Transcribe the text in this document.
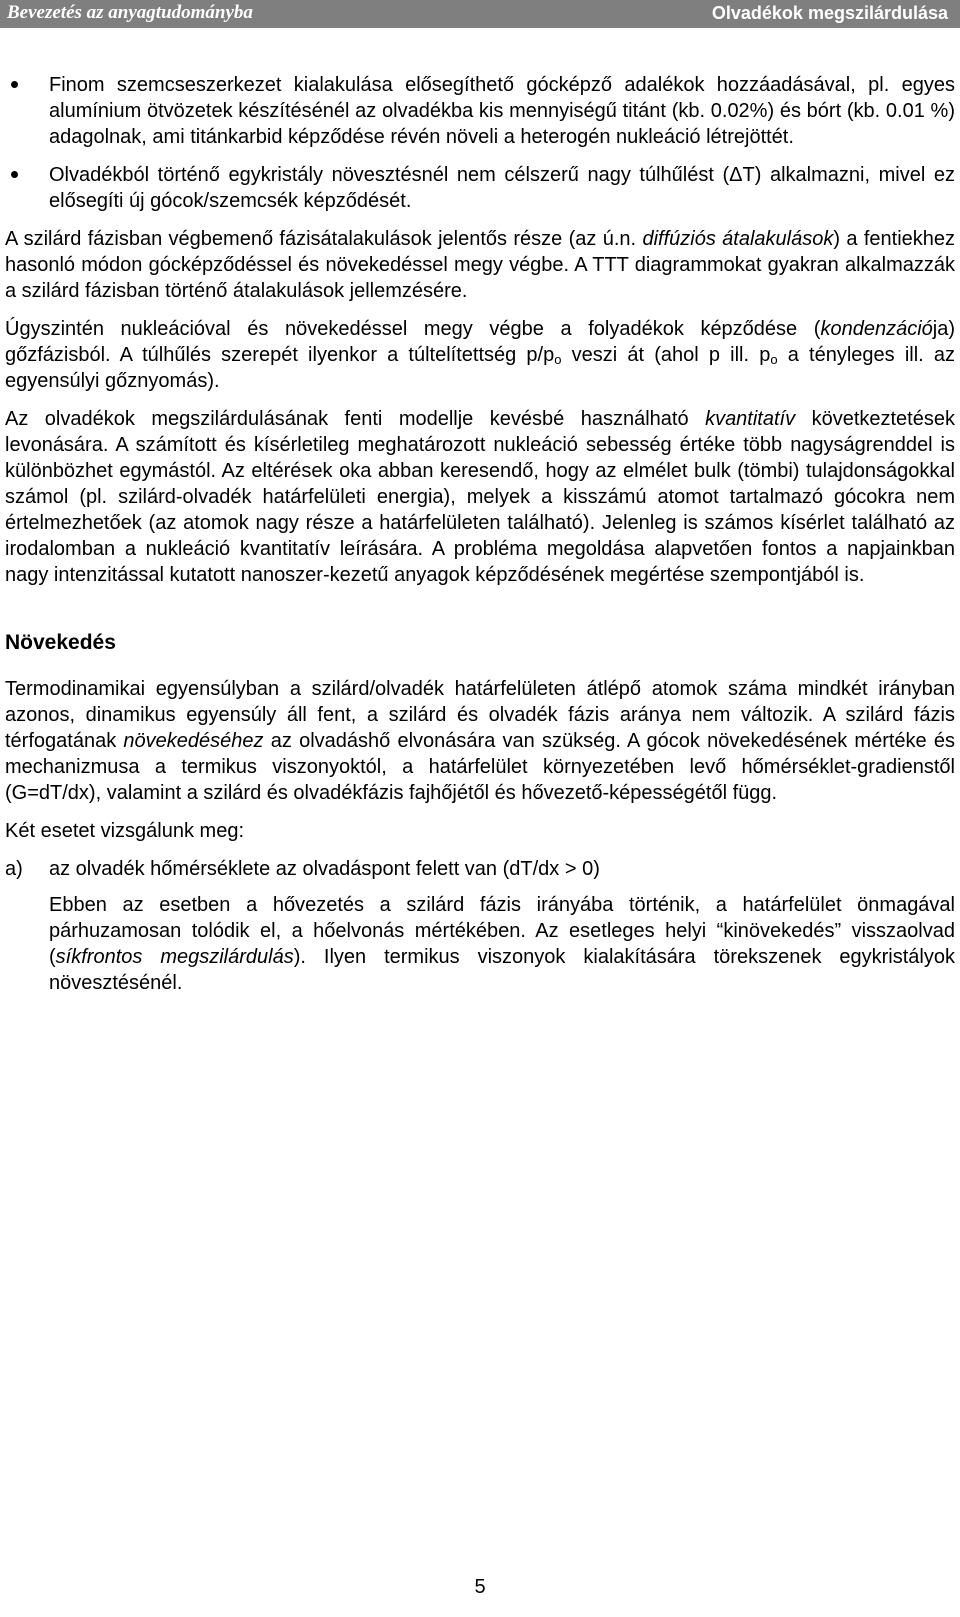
Bevezetés az anyagtudományba	Olvadékok megszilárdulása
Finom szemcseszerkezet kialakulása elősegíthető gócképző adalékok hozzáadásával, pl. egyes alumínium ötvözetek készítésénél az olvadékba kis mennyiségű titánt (kb. 0.02%) és bórt (kb. 0.01 %) adagolnak, ami titánkarbid képződése révén növeli a heterogén nukleáció létrejöttét.
Olvadékból történő egykristály növesztésnél nem célszerű nagy túlhűlést (ΔT) alkalmazni, mivel ez elősegíti új gócok/szemcsék képződését.

A szilárd fázisban végbemenő fázisátalakulások jelentős része (az ú.n. diffúziós átalakulások) a fentiekhez hasonló módon gócképződéssel és növekedéssel megy végbe. A TTT diagrammokat gyakran alkalmazzák a szilárd fázisban történő átalakulások jellemzésére.

Úgyszintén nukleációval és növekedéssel megy végbe a folyadékok képződése (kondenzációja) gőzfázisból. A túlhűlés szerepét ilyenkor a túltelítettség $p/p_o$ veszi át (ahol p ill. $p_o$ a tényleges ill. az egyensúlyi gőznyomás).

Az olvadékok megszilárdulásának fenti modellje kevésbé használható kvantitatív következtetések levonására. A számított és kísérletileg meghatározott nukleáció sebesség értéke több nagyságrenddel is különbözhet egymástól. Az eltérések oka abban keresendő, hogy az elmélet bulk (tömbi) tulajdonságokkal számol (pl. szilárd-olvadék határfelületi energia), melyek a kisszámú atomot tartalmazó gócokra nem értelmezhetőek (az atomok nagy része a határfelületen található). Jelenleg is számos kísérlet található az irodalomban a nukleáció kvantitatív leírására. A probléma megoldása alapvetően fontos a napjainkban nagy intenzitással kutatott nanoszer-kezetű anyagok képződésének megértése szempontjából is.

Növekedés

Termodinamikai egyensúlyban a szilárd/olvadék határfelületen átlépő atomok száma mindkét irányban azonos, dinamikus egyensúly áll fent, a szilárd és olvadék fázis aránya nem változik. A szilárd fázis térfogatának növekedéséhez az olvadáshő elvonására van szükség. A gócok növekedésének mértéke és mechanizmusa a termikus viszonyoktól, a határfelület környezetében levő hőmérséklet-gradienstől (G=dT/dx), valamint a szilárd és olvadékfázis fajhőjétől és hővezető-képességétől függ.

Két esetet vizsgálunk meg:

a)	az olvadék hőmérséklete az olvadáspont felett van (dT/dx > 0)

Ebben az esetben a hővezetés a szilárd fázis irányába történik, a határfelület önmagával párhuzamosan tolódik el, a hőelvonás mértékében. Az esetleges helyi “kinövekedés” visszaolvad (síkfrontos megszilárdulás). Ilyen termikus viszonyok kialakítására törekszenek egykristályok növesztésénél.

5
